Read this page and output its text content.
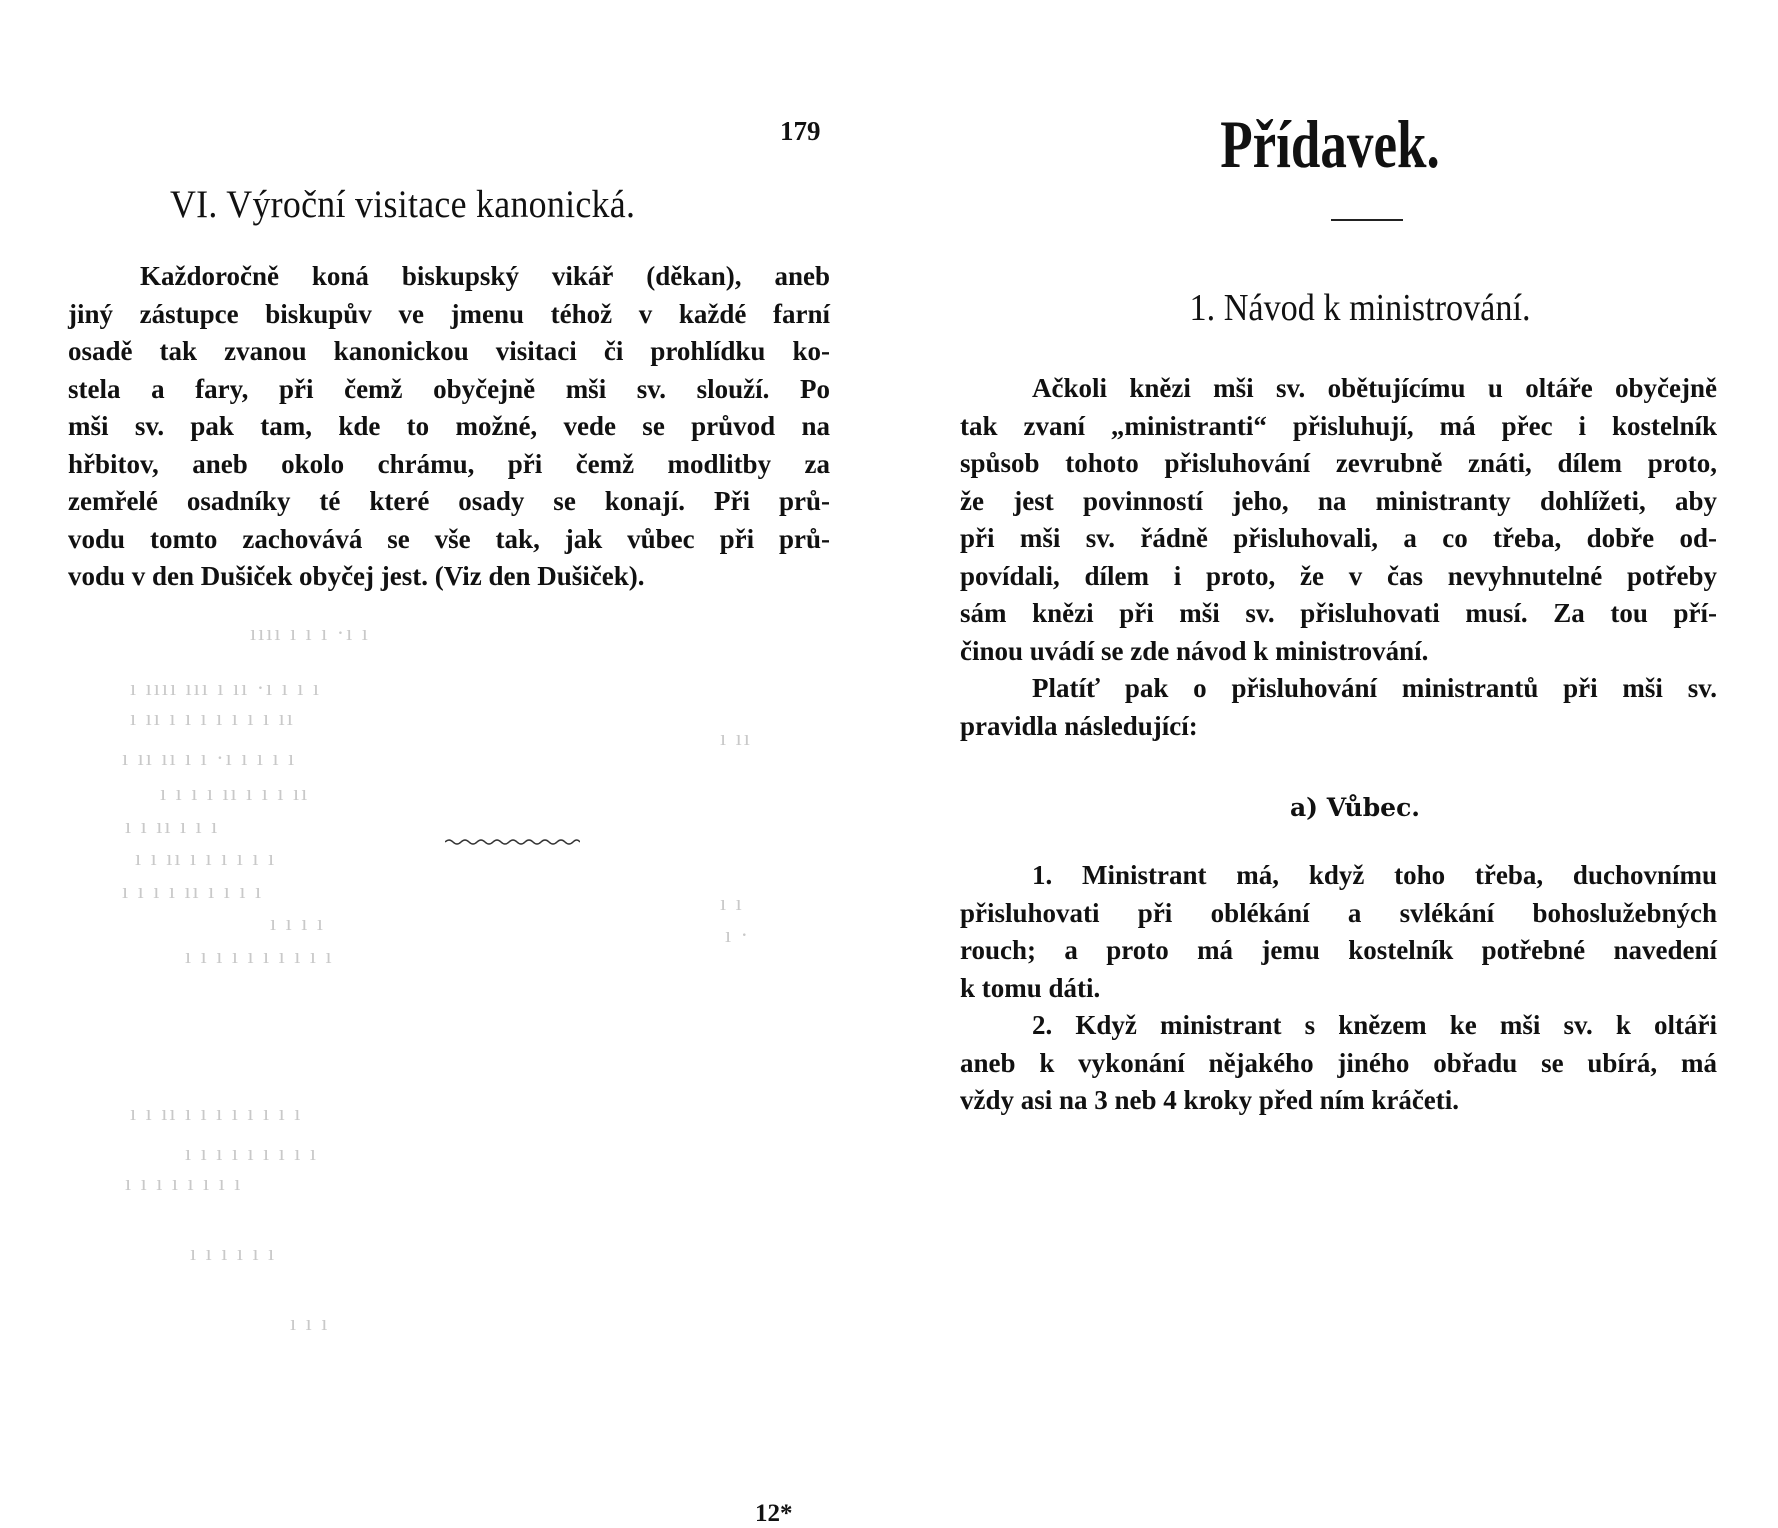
179
VI. Výroční visitace kanonická.

Každoročně koná biskupský vikář (děkan), aneb

jiný zástupce biskupův ve jmenu téhož v každé farní

osadě tak zvanou kanonickou visitaci či prohlídku ko-

stela a fary, při čemž obyčejně mši sv. slouží. Po

mši sv. pak tam, kde to možné, vede se průvod na

hřbitov, aneb okolo chrámu, při čemž modlitby za

zemřelé osadníky té které osady se konají. Při prů-

vodu tomto zachovává se vše tak, jak vůbec při prů-

vodu v den Dušiček obyčej jest. (Viz den Dušiček).

ıııı ı ı ı ·ı ı
ı ıııı ııı ı ıı ·ı ı ı ı
ı ıı ı ı ı ı ı ı ı ıı
ı ıı
ı ıı ıı ı ı ·ı ı ı ı ı
ı ı ı ı ıı ı ı ı ıı
ı ı ıı ı ı ı
ı ı ıı ı ı ı ı ı ı
ı ı ı ı ıı ı ı ı ı	ı ı
ı ı ı ı	ı ·
ı ı ı ı ı ı ı ı ı ı
ı ı ıı ı ı ı ı ı ı ı ı
ı ı ı ı ı ı ı ı ı
ı ı ı ı ı ı ı ı
ı ı ı ı ı ı
ı ı ı
12*
Přídavek.
1. Návod k ministrování.

Ačkoli knězi mši sv. obětujícímu u oltáře obyčejně

tak zvaní „ministranti“ přisluhují, má přec i kostelník

spůsob tohoto přisluhování zevrubně znáti, dílem proto,

že jest povinností jeho, na ministranty dohlížeti, aby

při mši sv. řádně přisluhovali, a co třeba, dobře od-

povídali, dílem i proto, že v čas nevyhnutelné potřeby

sám knězi při mši sv. přisluhovati musí. Za tou pří-

činou uvádí se zde návod k ministrování.

Platíť pak o přisluhování ministrantů při mši sv.

pravidla následující:

a) Vůbec.

1. Ministrant má, když toho třeba, duchovnímu

přisluhovati při oblékání a svlékání bohoslužebných

rouch; a proto má jemu kostelník potřebné navedení

k tomu dáti.

2. Když ministrant s knězem ke mši sv. k oltáři

aneb k vykonání nějakého jiného obřadu se ubírá, má

vždy asi na 3 neb 4 kroky před ním kráčeti.
